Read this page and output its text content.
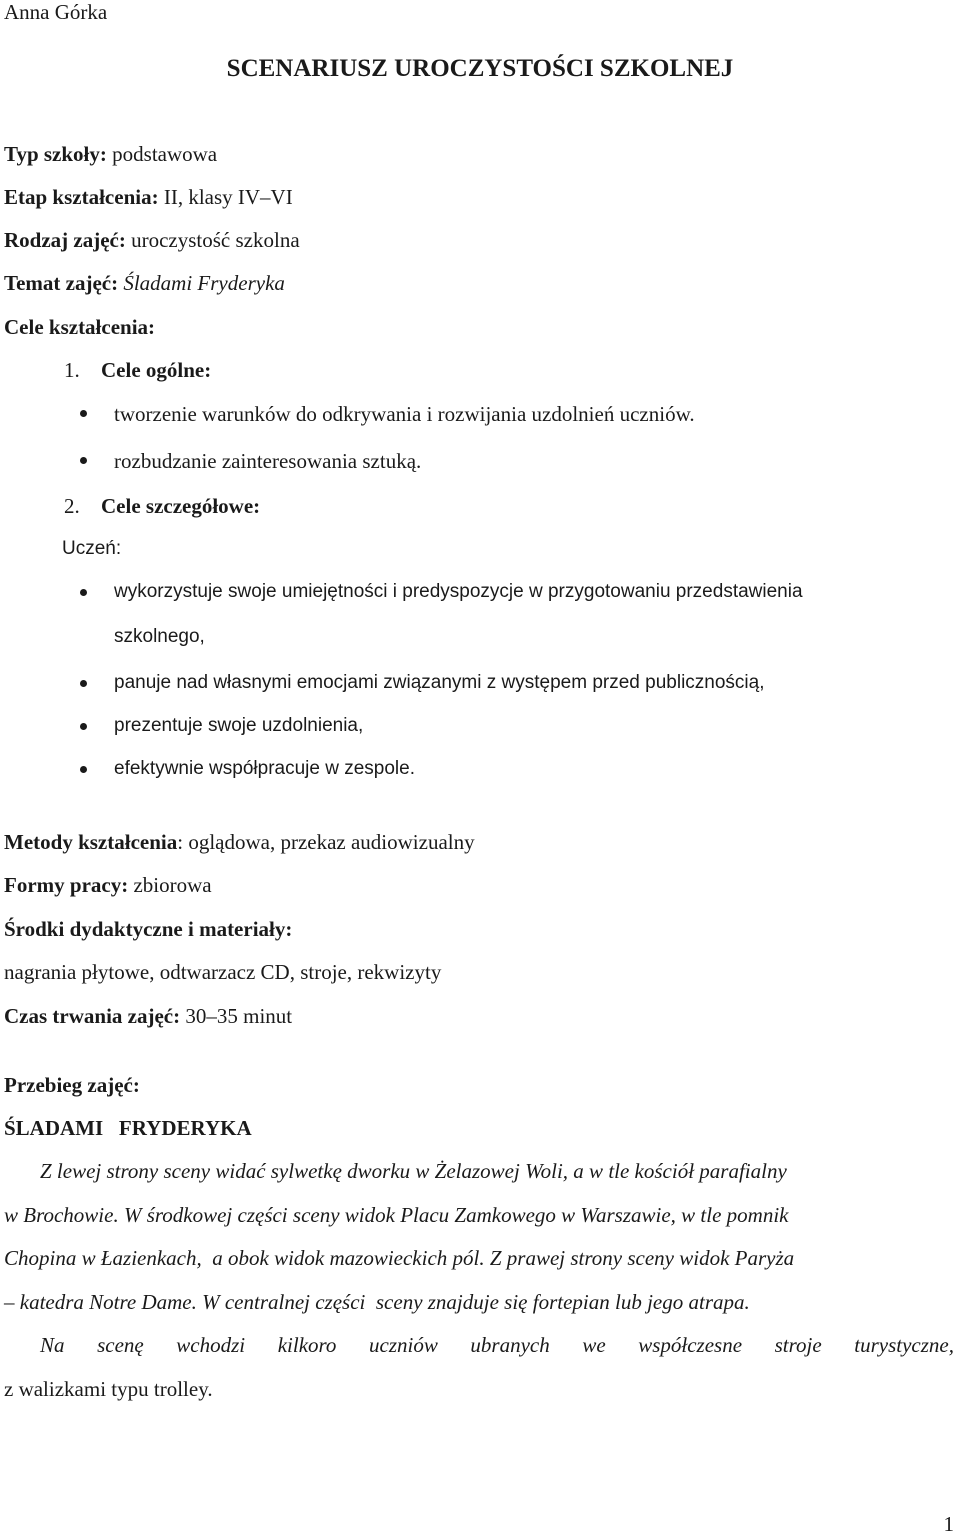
Anna Górka
SCENARIUSZ UROCZYSTOŚCI SZKOLNEJ
Typ szkoły: podstawowa
Etap kształcenia: II, klasy IV–VI
Rodzaj zajęć: uroczystość szkolna
Temat zajęć: Śladami Fryderyka
Cele kształcenia:
1. Cele ogólne:
tworzenie warunków do odkrywania i rozwijania uzdolnień uczniów.
rozbudzanie zainteresowania sztuką.
2. Cele szczegółowe:
Uczeń:
wykorzystuje swoje umiejętności i predyspozycje w przygotowaniu przedstawienia
szkolnego,
panuje nad własnymi emocjami związanymi z występem przed publicznością,
prezentuje swoje uzdolnienia,
efektywnie współpracuje w zespole.
Metody kształcenia: oglądowa, przekaz audiowizualny
Formy pracy: zbiorowa
Środki dydaktyczne i materiały:
nagrania płytowe, odtwarzacz CD, stroje, rekwizyty
Czas trwania zajęć: 30–35 minut
Przebieg zajęć:
ŚLADAMI   FRYDERYKA
Z lewej strony sceny widać sylwetkę dworku w Żelazowej Woli, a w tle kościół parafialny
w Brochowie. W środkowej części sceny widok Placu Zamkowego w Warszawie, w tle pomnik
Chopina w Łazienkach,  a obok widok mazowieckich pól. Z prawej strony sceny widok Paryża
– katedra Notre Dame. W centralnej części  sceny znajduje się fortepian lub jego atrapa.
Na scenę wchodzi kilkoro uczniów ubranych we współczesne stroje turystyczne,
z walizkami typu trolley.
1
